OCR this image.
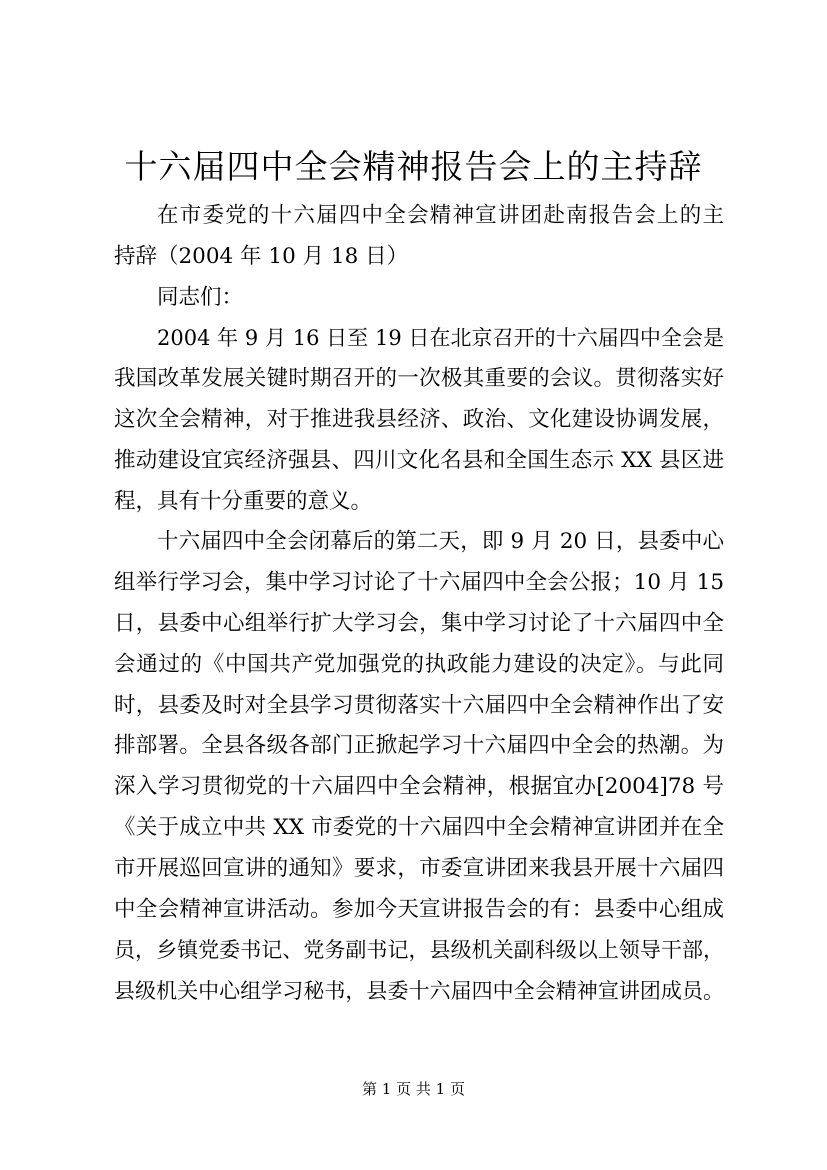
十六届四中全会精神报告会上的主持辞
在市委党的十六届四中全会精神宣讲团赴南报告会上的主
持辞（2004 年 10 月 18 日）
同志们：
2004 年 9 月 16 日至 19 日在北京召开的十六届四中全会是
我国改革发展关键时期召开的一次极其重要的会议。贯彻落实好
这次全会精神，对于推进我县经济、政治、文化建设协调发展，
推动建设宜宾经济强县、四川文化名县和全国生态示 XX 县区进
程，具有十分重要的意义。
十六届四中全会闭幕后的第二天，即 9 月 20 日，县委中心
组举行学习会，集中学习讨论了十六届四中全会公报；10 月 15
日，县委中心组举行扩大学习会，集中学习讨论了十六届四中全
会通过的《中国共产党加强党的执政能力建设的决定》。与此同
时，县委及时对全县学习贯彻落实十六届四中全会精神作出了安
排部署。全县各级各部门正掀起学习十六届四中全会的热潮。为
深入学习贯彻党的十六届四中全会精神，根据宜办[2004]78 号
《关于成立中共 XX 市委党的十六届四中全会精神宣讲团并在全
市开展巡回宣讲的通知》要求，市委宣讲团来我县开展十六届四
中全会精神宣讲活动。参加今天宣讲报告会的有：县委中心组成
员，乡镇党委书记、党务副书记，县级机关副科级以上领导干部，
县级机关中心组学习秘书，县委十六届四中全会精神宣讲团成员。
第 1 页 共 1 页
